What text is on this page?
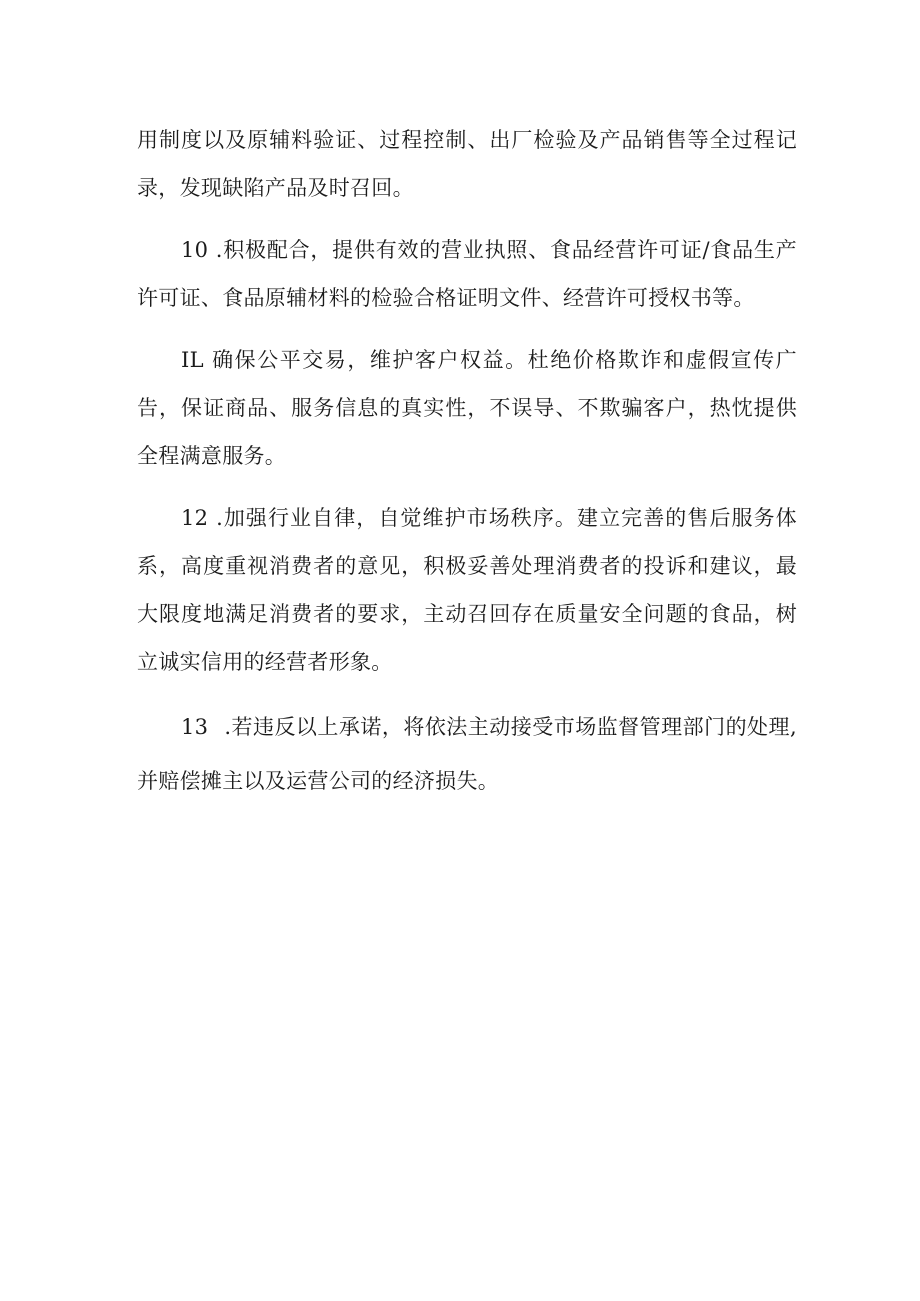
用制度以及原辅料验证、过程控制、出厂检验及产品销售等全过程记录，发现缺陷产品及时召回。

10 .积极配合，提供有效的营业执照、食品经营许可证/食品生产许可证、食品原辅材料的检验合格证明文件、经营许可授权书等。

IL 确保公平交易，维护客户权益。杜绝价格欺诈和虚假宣传广告，保证商品、服务信息的真实性，不误导、不欺骗客户，热忱提供全程满意服务。

12 .加强行业自律，自觉维护市场秩序。建立完善的售后服务体系，高度重视消费者的意见，积极妥善处理消费者的投诉和建议，最大限度地满足消费者的要求，主动召回存在质量安全问题的食品，树立诚实信用的经营者形象。

13 .若违反以上承诺，将依法主动接受市场监督管理部门的处理,并赔偿摊主以及运营公司的经济损失。
